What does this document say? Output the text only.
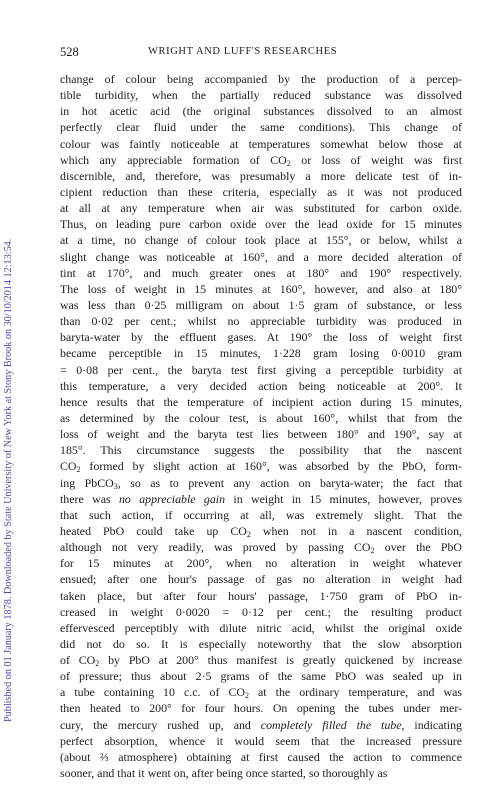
Published on 01 January 1878. Downloaded by State University of New York at Stony Brook on 30/10/2014 12:13:54.
528	WRIGHT AND LUFF'S RESEARCHES
change of colour being accompanied by the production of a percep-
tible turbidity, when the partially reduced substance was dissolved
in hot acetic acid (the original substances dissolved to an almost
perfectly clear fluid under the same conditions). This change of
colour was faintly noticeable at temperatures somewhat below those at
which any appreciable formation of $CO_2$ or loss of weight was first
discernible, and, therefore, was presumably a more delicate test of in-
cipient reduction than these criteria, especially as it was not produced
at all at any temperature when air was substituted for carbon oxide.
Thus, on leading pure carbon oxide over the lead oxide for 15 minutes
at a time, no change of colour took place at 155°, or below, whilst a
slight change was noticeable at 160°, and a more decided alteration of
tint at 170°, and much greater ones at 180° and 190° respectively.
The loss of weight in 15 minutes at 160°, however, and also at 180°
was less than 0·25 milligram on about 1·5 gram of substance, or less
than 0·02 per cent.; whilst no appreciable turbidity was produced in
baryta-water by the effluent gases. At 190° the loss of weight first
became perceptible in 15 minutes, 1·228 gram losing 0·0010 gram
= 0·08 per cent., the baryta test first giving a perceptible turbidity at
this temperature, a very decided action being noticeable at 200°. It
hence results that the temperature of incipient action during 15 minutes,
as determined by the colour test, is about 160°, whilst that from the
loss of weight and the baryta test lies between 180° and 190°, say at
185°. This circumstance suggests the possibility that the nascent
$CO_2$ formed by slight action at 160°, was absorbed by the PbO, form-
ing PbCO$_3$, so as to prevent any action on baryta-water; the fact that
there was no appreciable gain in weight in 15 minutes, however, proves
that such action, if occurring at all, was extremely slight. That the
heated PbO could take up $CO_2$ when not in a nascent condition,
although not very readily, was proved by passing $CO_2$ over the PbO
for 15 minutes at 200°, when no alteration in weight whatever
ensued; after one hour's passage of gas no alteration in weight had
taken place, but after four hours' passage, 1·750 gram of PbO in-
creased in weight 0·0020 = 0·12 per cent.; the resulting product
effervesced perceptibly with dilute nitric acid, whilst the original oxide
did not do so. It is especially noteworthy that the slow absorption
of $CO_2$ by PbO at 200° thus manifest is greatly quickened by increase
of pressure; thus about 2·5 grams of the same PbO was sealed up in
a tube containing 10 c.c. of $CO_2$ at the ordinary temperature, and was
then heated to 200° for four hours. On opening the tubes under mer-
cury, the mercury rushed up, and completely filled the tube, indicating
perfect absorption, whence it would seem that the increased pressure
(about ⅔ atmosphere) obtaining at first caused the action to commence
sooner, and that it went on, after being once started, so thoroughly as
